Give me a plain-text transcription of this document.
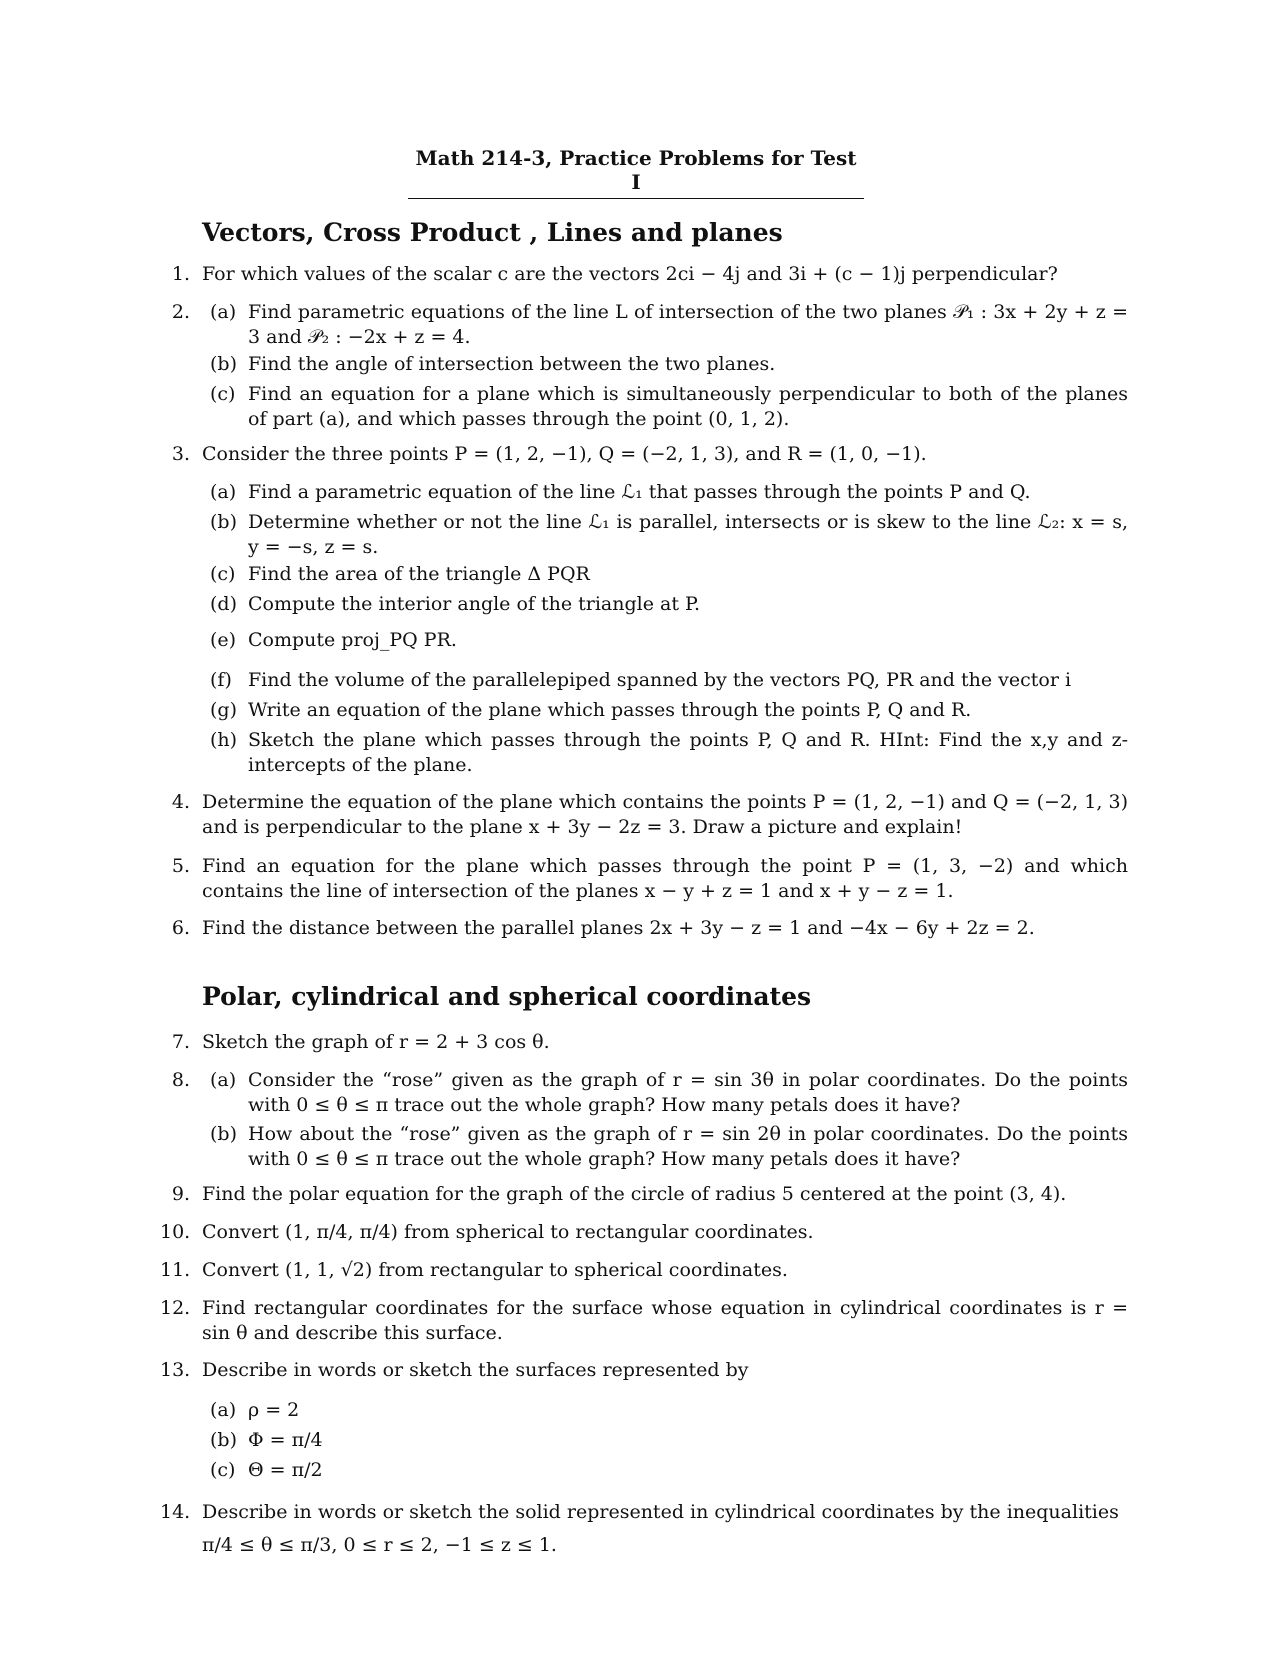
Math 214-3, Practice Problems for Test I
Vectors, Cross Product , Lines and planes
1. For which values of the scalar c are the vectors 2ci − 4j and 3i + (c − 1)j perpendicular?
2. (a) Find parametric equations of the line L of intersection of the two planes 𝒫₁ : 3x + 2y + z = 3 and 𝒫₂ : −2x + z = 4.
(b) Find the angle of intersection between the two planes.
(c) Find an equation for a plane which is simultaneously perpendicular to both of the planes of part (a), and which passes through the point (0, 1, 2).
3. Consider the three points P = (1, 2, −1), Q = (−2, 1, 3), and R = (1, 0, −1).
(a) Find a parametric equation of the line ℒ₁ that passes through the points P and Q.
(b) Determine whether or not the line ℒ₁ is parallel, intersects or is skew to the line ℒ₂: x = s, y = −s, z = s.
(c) Find the area of the triangle Δ PQR
(d) Compute the interior angle of the triangle at P.
(e) Compute proj_PQ PR.
(f) Find the volume of the parallelepiped spanned by the vectors PQ, PR and the vector i
(g) Write an equation of the plane which passes through the points P, Q and R.
(h) Sketch the plane which passes through the points P, Q and R. HInt: Find the x,y and z-intercepts of the plane.
4. Determine the equation of the plane which contains the points P = (1, 2, −1) and Q = (−2, 1, 3) and is perpendicular to the plane x + 3y − 2z = 3. Draw a picture and explain!
5. Find an equation for the plane which passes through the point P = (1, 3, −2) and which contains the line of intersection of the planes x − y + z = 1 and x + y − z = 1.
6. Find the distance between the parallel planes 2x + 3y − z = 1 and −4x − 6y + 2z = 2.
Polar, cylindrical and spherical coordinates
7. Sketch the graph of r = 2 + 3 cos θ.
8. (a) Consider the “rose” given as the graph of r = sin 3θ in polar coordinates. Do the points with 0 ≤ θ ≤ π trace out the whole graph? How many petals does it have?
(b) How about the “rose” given as the graph of r = sin 2θ in polar coordinates. Do the points with 0 ≤ θ ≤ π trace out the whole graph? How many petals does it have?
9. Find the polar equation for the graph of the circle of radius 5 centered at the point (3, 4).
10. Convert (1, π/4, π/4) from spherical to rectangular coordinates.
11. Convert (1, 1, √2) from rectangular to spherical coordinates.
12. Find rectangular coordinates for the surface whose equation in cylindrical coordinates is r = sin θ and describe this surface.
13. Describe in words or sketch the surfaces represented by
(a) ρ = 2
(b) Φ = π/4
(c) Θ = π/2
14. Describe in words or sketch the solid represented in cylindrical coordinates by the inequalities
π/4 ≤ θ ≤ π/3, 0 ≤ r ≤ 2, −1 ≤ z ≤ 1.
